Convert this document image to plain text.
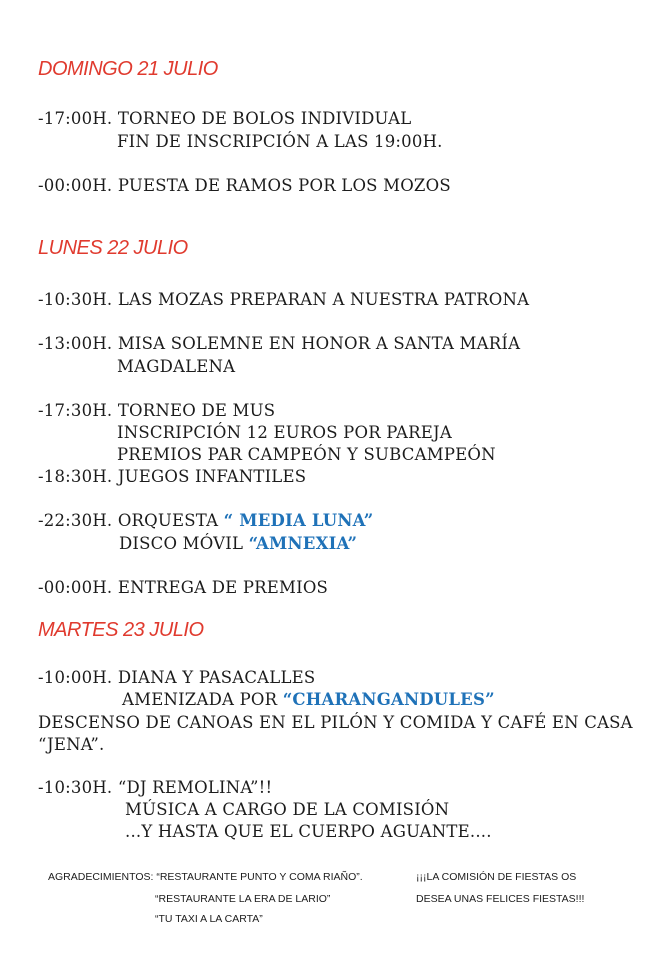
DOMINGO 21 JULIO

-17:00H. TORNEO DE BOLOS INDIVIDUAL

FIN DE INSCRIPCIÓN A LAS 19:00H.

-00:00H. PUESTA DE RAMOS POR LOS MOZOS

LUNES 22 JULIO

-10:30H. LAS MOZAS PREPARAN A NUESTRA PATRONA

-13:00H. MISA SOLEMNE EN HONOR A SANTA MARÍA

MAGDALENA

-17:30H. TORNEO DE MUS

INSCRIPCIÓN 12 EUROS POR PAREJA

PREMIOS PAR CAMPEÓN Y SUBCAMPEÓN

-18:30H. JUEGOS INFANTILES

-22:30H. ORQUESTA “ MEDIA LUNA”

DISCO MÓVIL “AMNEXIA”

-00:00H. ENTREGA DE PREMIOS

MARTES 23 JULIO

-10:00H. DIANA Y PASACALLES

AMENIZADA POR “CHARANGANDULES”

DESCENSO DE CANOAS EN EL PILÓN Y COMIDA Y CAFÉ EN CASA

“JENA”.

-10:30H. “DJ REMOLINA”!!

MÚSICA A CARGO DE LA COMISIÓN

...Y HASTA QUE EL CUERPO AGUANTE....

AGRADECIMIENTOS: “RESTAURANTE PUNTO Y COMA RIAÑO”.

“RESTAURANTE LA ERA DE LARIO”

“TU TAXI A LA CARTA”

¡¡¡LA COMISIÓN DE FIESTAS OS

DESEA UNAS FELICES FIESTAS!!!
